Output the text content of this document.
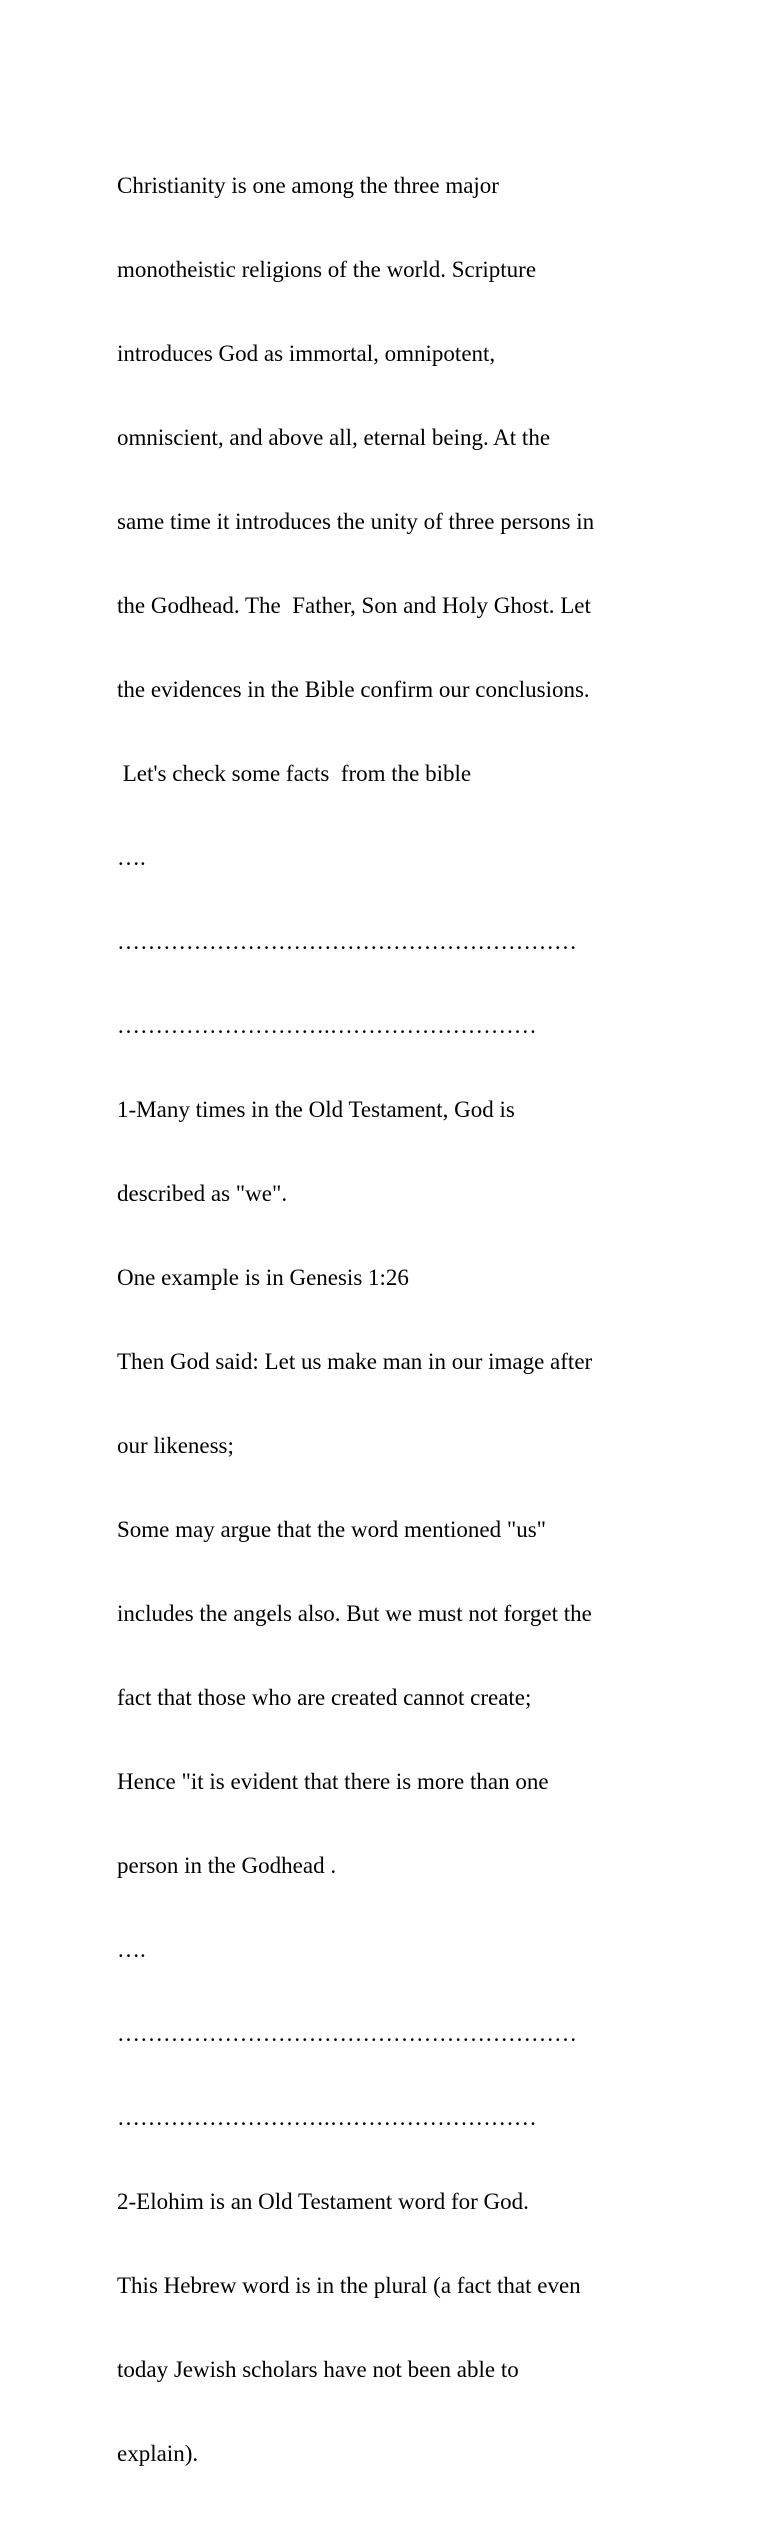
Christianity is one among the three major

monotheistic religions of the world. Scripture

introduces God as immortal, omnipotent,

omniscient, and above all, eternal being. At the

same time it introduces the unity of three persons in

the Godhead. The  Father, Son and Holy Ghost. Let

the evidences in the Bible confirm our conclusions.

Let's check some facts  from the bible

….

……………………………………………………

……………………….………………………

1-Many times in the Old Testament, God is

described as "we".

One example is in Genesis 1:26

Then God said: Let us make man in our image after

our likeness;

Some may argue that the word mentioned "us"

includes the angels also. But we must not forget the

fact that those who are created cannot create;

Hence "it is evident that there is more than one

person in the Godhead .

….

……………………………………………………

……………………….………………………

2-Elohim is an Old Testament word for God.

This Hebrew word is in the plural (a fact that even

today Jewish scholars have not been able to

explain).
